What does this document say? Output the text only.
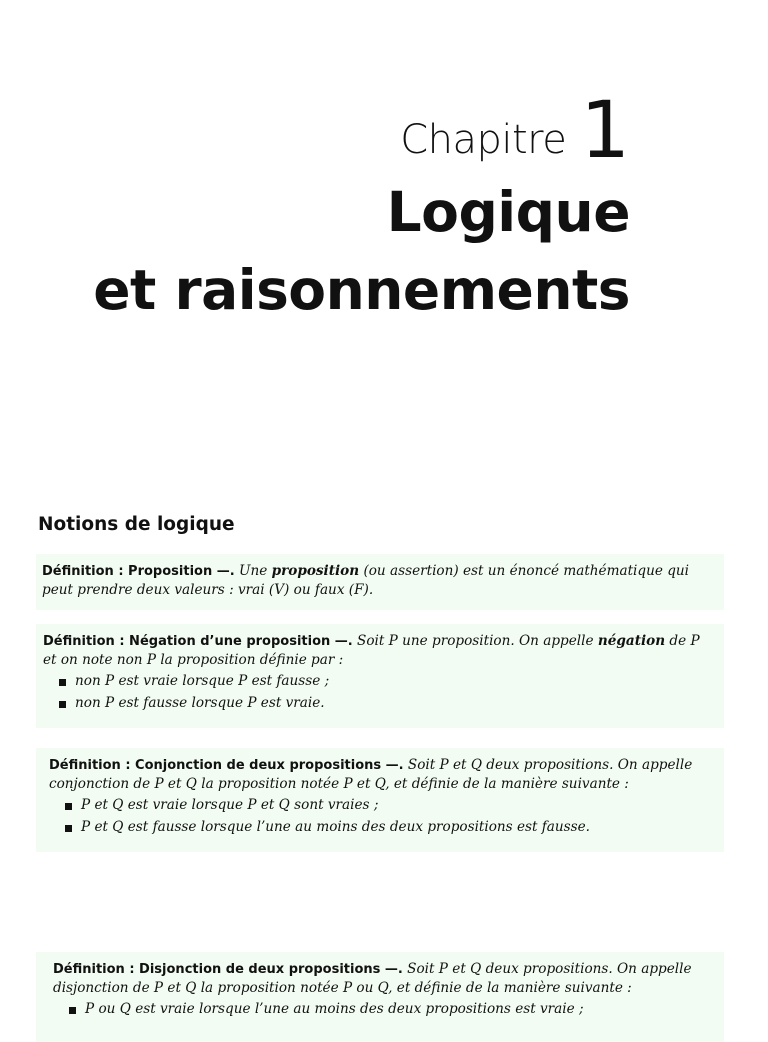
Chapitre 1
Logique
et raisonnements
Notions de logique
Définition : Proposition —. Une proposition (ou assertion) est un énoncé mathématique qui peut prendre deux valeurs : vrai (V) ou faux (F).
Définition : Négation d’une proposition —. Soit P une proposition. On appelle négation de P et on note non P la proposition définie par :
non P est vraie lorsque P est fausse ;
non P est fausse lorsque P est vraie.
Définition : Conjonction de deux propositions —. Soit P et Q deux propositions. On appelle conjonction de P et Q la proposition notée P et Q, et définie de la manière suivante :
P et Q est vraie lorsque P et Q sont vraies ;
P et Q est fausse lorsque l’une au moins des deux propositions est fausse.
Définition : Disjonction de deux propositions —. Soit P et Q deux propositions. On appelle disjonction de P et Q la proposition notée P ou Q, et définie de la manière suivante :
P ou Q est vraie lorsque l’une au moins des deux propositions est vraie ;
